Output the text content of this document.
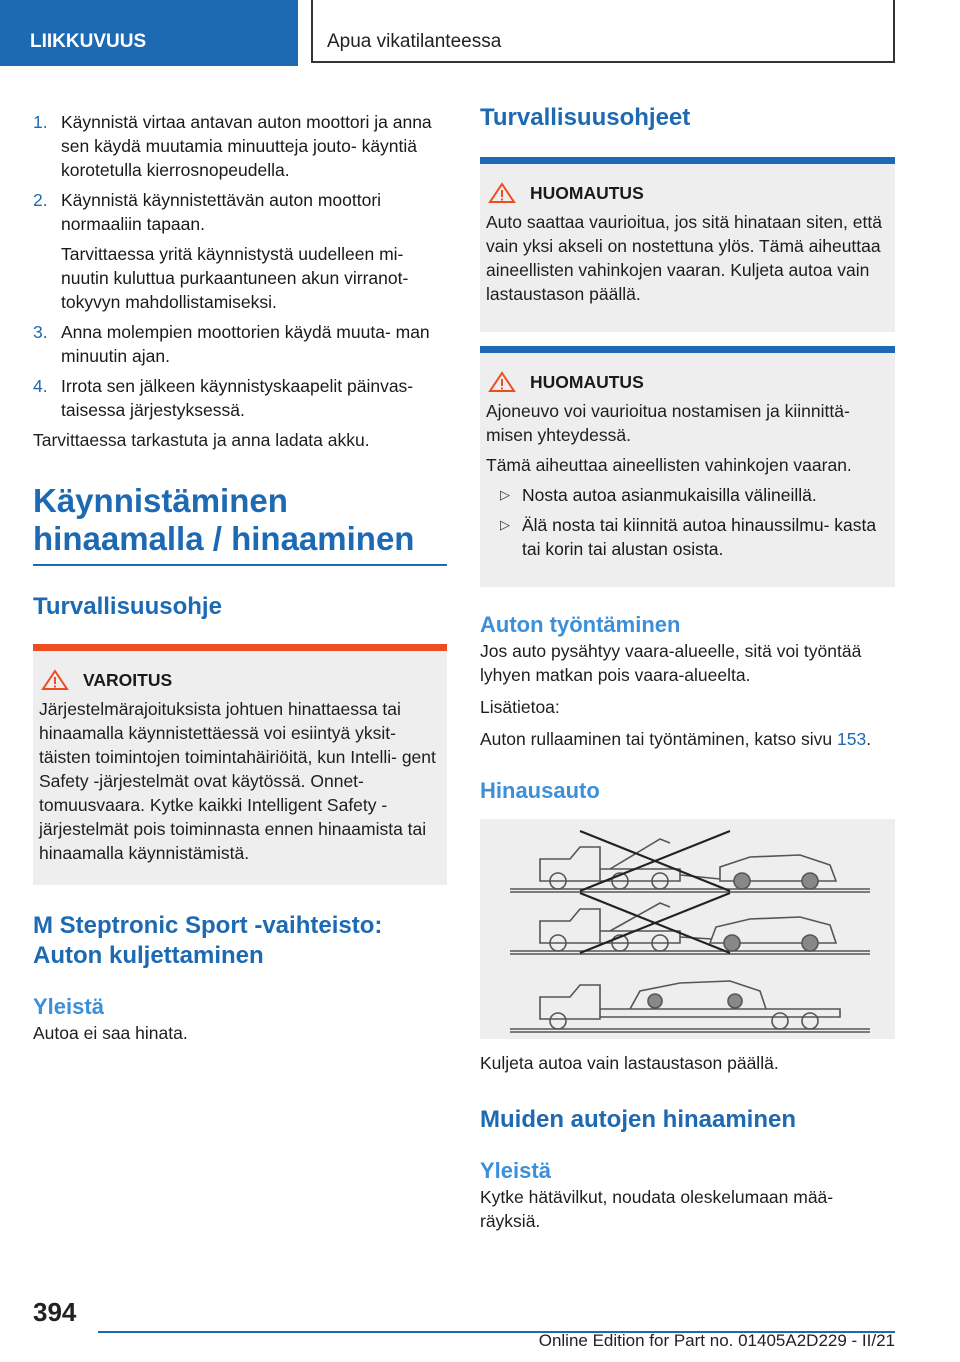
LIIKKUVUUS	Apua vikatilanteessa
1. Käynnistä virtaa antavan auton moottori ja anna sen käydä muutamia minuutteja jouto- käyntiä korotetulla kierrosnopeudella.

2. Käynnistä käynnistettävän auton moottori normaaliin tapaan.

Tarvittaessa yritä käynnistystä uudelleen mi- nuutin kuluttua purkaantuneen akun virranot- tokyvyn mahdollistamiseksi.

3. Anna molempien moottorien käydä muuta- man minuutin ajan.

4. Irrota sen jälkeen käynnistyskaapelit päinvas- taisessa järjestyksessä.

Tarvittaessa tarkastuta ja anna ladata akku.

Käynnistäminen hinaamalla / hinaaminen
Turvallisuusohje
VAROITUS

Järjestelmärajoituksista johtuen hinattaessa tai hinaamalla käynnistettäessä voi esiintyä yksit- täisten toimintojen toimintahäiriöitä, kun Intelli- gent Safety -järjestelmät ovat käytössä. Onnet- tomuusvaara. Kytke kaikki Intelligent Safety - järjestelmät pois toiminnasta ennen hinaamista tai hinaamalla käynnistämistä.

M Steptronic Sport -vaihteisto: Auton kuljettaminen
Yleistä

Autoa ei saa hinata.

Turvallisuusohjeet
HUOMAUTUS

Auto saattaa vaurioitua, jos sitä hinataan siten, että vain yksi akseli on nostettuna ylös. Tämä aiheuttaa aineellisten vahinkojen vaaran. Kuljeta autoa vain lastaustason päällä.

HUOMAUTUS

Ajoneuvo voi vaurioitua nostamisen ja kiinnittä- misen yhteydessä.

Tämä aiheuttaa aineellisten vahinkojen vaaran.

▷ Nosta autoa asianmukaisilla välineillä.
▷ Älä nosta tai kiinnitä autoa hinaussilmu- kasta tai korin tai alustan osista.
Auton työntäminen

Jos auto pysähtyy vaara-alueelle, sitä voi työntää lyhyen matkan pois vaara-alueelta.

Lisätietoa:

Auton rullaaminen tai työntäminen, katso sivu 153.

Hinausauto

Kuljeta autoa vain lastaustason päällä.

Muiden autojen hinaaminen
Yleistä

Kytke hätävilkut, noudata oleskelumaan mää- räyksiä.

394
Online Edition for Part no. 01405A2D229 - II/21
